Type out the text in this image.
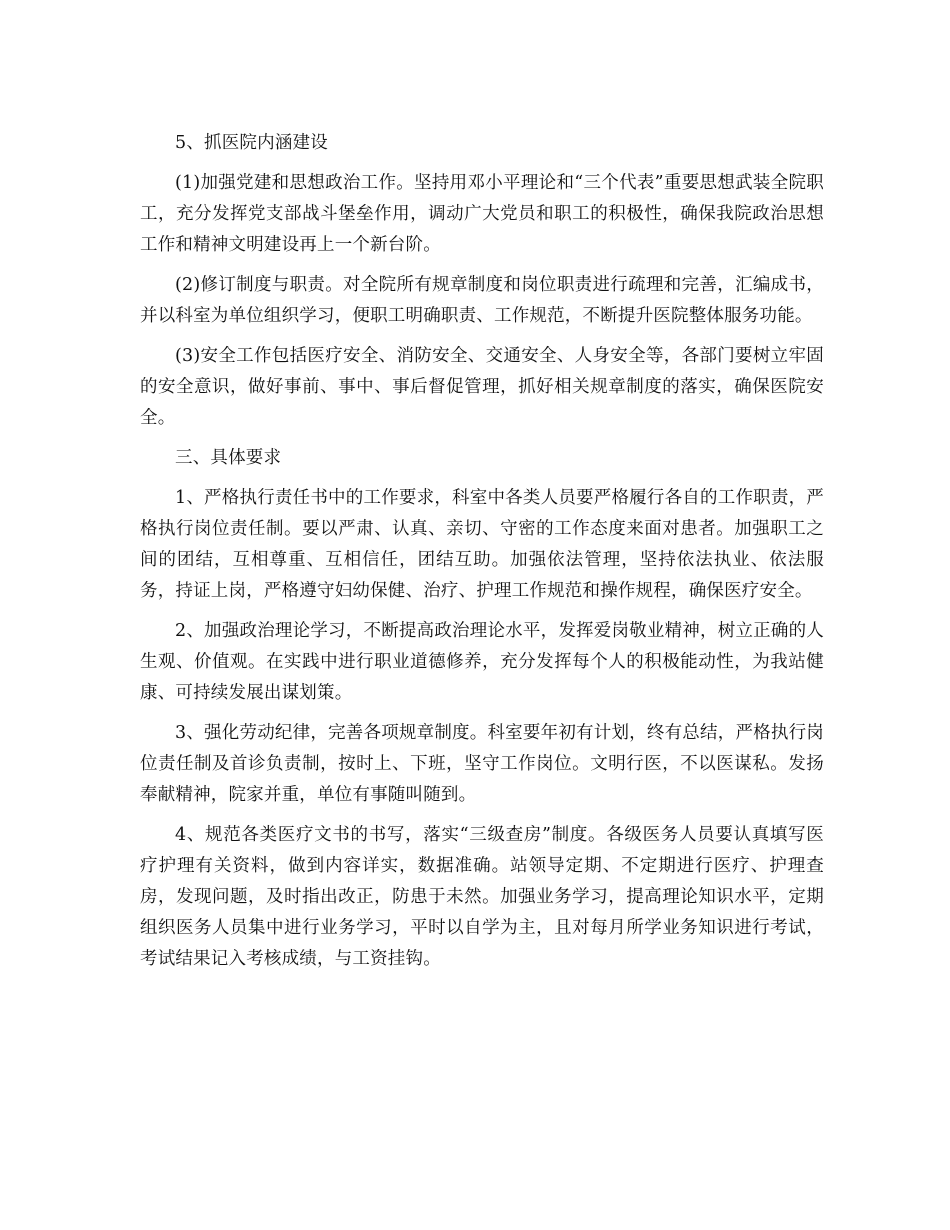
5、抓医院内涵建设

(1)加强党建和思想政治工作。坚持用邓小平理论和“三个代表”重要思想武装全院职工，充分发挥党支部战斗堡垒作用，调动广大党员和职工的积极性，确保我院政治思想工作和精神文明建设再上一个新台阶。

(2)修订制度与职责。对全院所有规章制度和岗位职责进行疏理和完善，汇编成书，并以科室为单位组织学习，便职工明确职责、工作规范，不断提升医院整体服务功能。

(3)安全工作包括医疗安全、消防安全、交通安全、人身安全等，各部门要树立牢固的安全意识，做好事前、事中、事后督促管理，抓好相关规章制度的落实，确保医院安全。

三、具体要求

1、严格执行责任书中的工作要求，科室中各类人员要严格履行各自的工作职责，严格执行岗位责任制。要以严肃、认真、亲切、守密的工作态度来面对患者。加强职工之间的团结，互相尊重、互相信任，团结互助。加强依法管理，坚持依法执业、依法服务，持证上岗，严格遵守妇幼保健、治疗、护理工作规范和操作规程，确保医疗安全。

2、加强政治理论学习，不断提高政治理论水平，发挥爱岗敬业精神，树立正确的人生观、价值观。在实践中进行职业道德修养，充分发挥每个人的积极能动性，为我站健康、可持续发展出谋划策。

3、强化劳动纪律，完善各项规章制度。科室要年初有计划，终有总结，严格执行岗位责任制及首诊负责制，按时上、下班，坚守工作岗位。文明行医，不以医谋私。发扬奉献精神，院家并重，单位有事随叫随到。

4、规范各类医疗文书的书写，落实“三级查房”制度。各级医务人员要认真填写医疗护理有关资料，做到内容详实，数据准确。站领导定期、不定期进行医疗、护理查房，发现问题，及时指出改正，防患于未然。加强业务学习，提高理论知识水平，定期组织医务人员集中进行业务学习，平时以自学为主，且对每月所学业务知识进行考试，考试结果记入考核成绩，与工资挂钩。
